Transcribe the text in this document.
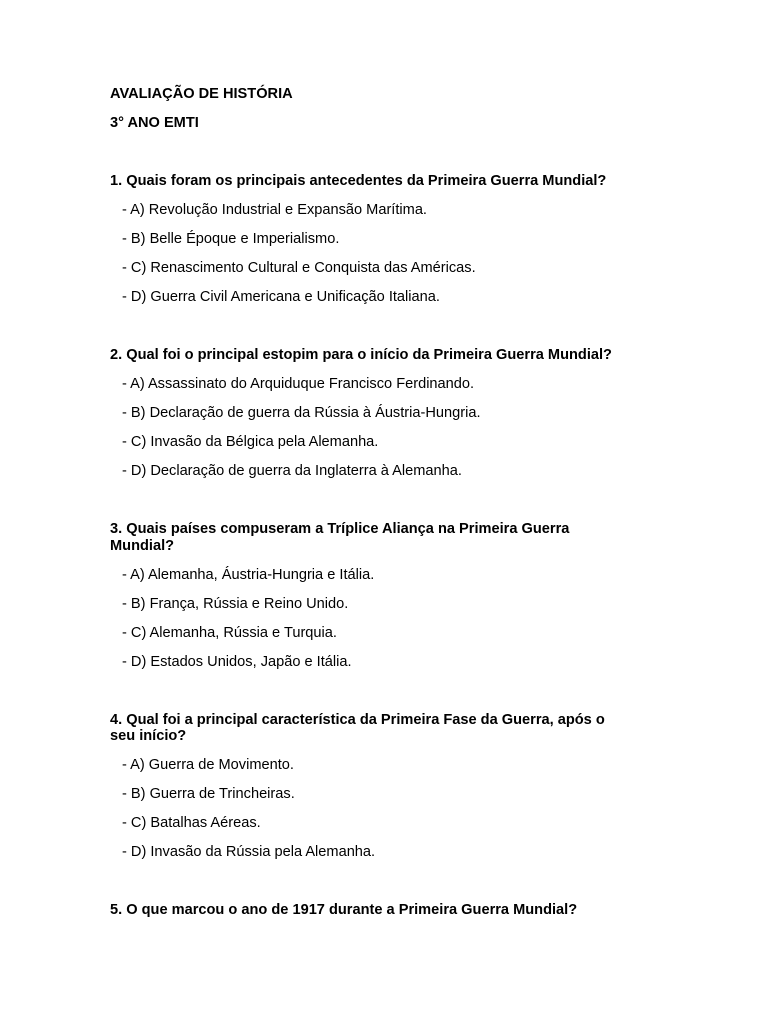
AVALIAÇÃO DE HISTÓRIA

3° ANO EMTI

1. Quais foram os principais antecedentes da Primeira Guerra Mundial?

- A) Revolução Industrial e Expansão Marítima.

- B) Belle Époque e Imperialismo.

- C) Renascimento Cultural e Conquista das Américas.

- D) Guerra Civil Americana e Unificação Italiana.

2. Qual foi o principal estopim para o início da Primeira Guerra Mundial?

- A) Assassinato do Arquiduque Francisco Ferdinando.

- B) Declaração de guerra da Rússia à Áustria-Hungria.

- C) Invasão da Bélgica pela Alemanha.

- D) Declaração de guerra da Inglaterra à Alemanha.

3. Quais países compuseram a Tríplice Aliança na Primeira Guerra

Mundial?

- A) Alemanha, Áustria-Hungria e Itália.

- B) França, Rússia e Reino Unido.

- C) Alemanha, Rússia e Turquia.

- D) Estados Unidos, Japão e Itália.

4. Qual foi a principal característica da Primeira Fase da Guerra, após o

seu início?

- A) Guerra de Movimento.

- B) Guerra de Trincheiras.

- C) Batalhas Aéreas.

- D) Invasão da Rússia pela Alemanha.

5. O que marcou o ano de 1917 durante a Primeira Guerra Mundial?
